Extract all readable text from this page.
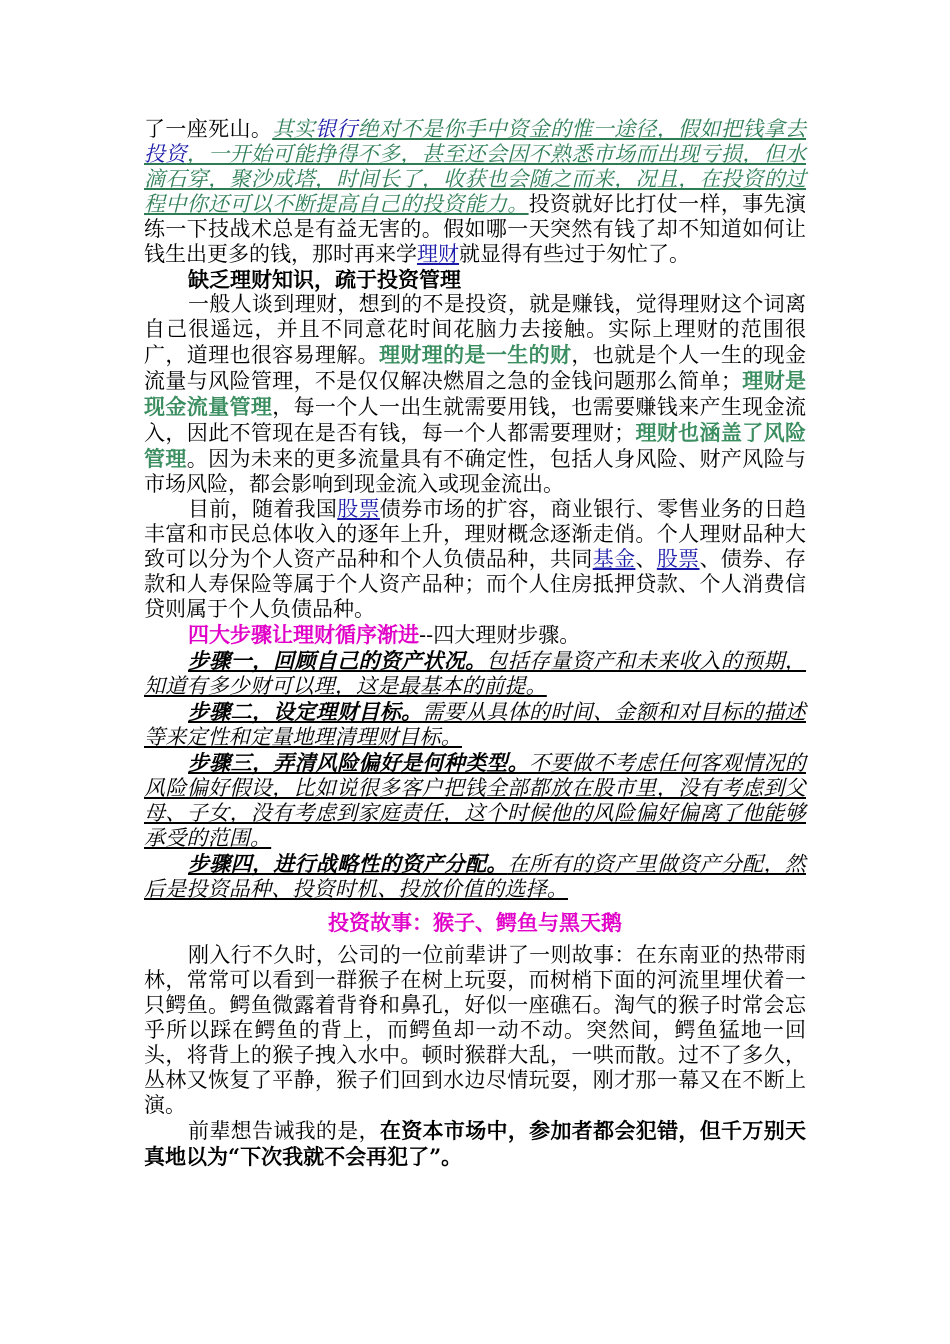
了一座死山。其实银行绝对不是你手中资金的惟一途径，假如把钱拿去投资，一开始可能挣得不多，甚至还会因不熟悉市场而出现亏损，但水滴石穿，聚沙成塔，时间长了，收获也会随之而来，况且，在投资的过程中你还可以不断提高自己的投资能力。投资就好比打仗一样，事先演练一下技战术总是有益无害的。假如哪一天突然有钱了却不知道如何让钱生出更多的钱，那时再来学理财就显得有些过于匆忙了。

缺乏理财知识，疏于投资管理

一般人谈到理财，想到的不是投资，就是赚钱，觉得理财这个词离自己很遥远，并且不同意花时间花脑力去接触。实际上理财的范围很广，道理也很容易理解。理财理的是一生的财，也就是个人一生的现金流量与风险管理，不是仅仅解决燃眉之急的金钱问题那么简单；理财是现金流量管理，每一个人一出生就需要用钱，也需要赚钱来产生现金流入，因此不管现在是否有钱，每一个人都需要理财；理财也涵盖了风险管理。因为未来的更多流量具有不确定性，包括人身风险、财产风险与市场风险，都会影响到现金流入或现金流出。

目前，随着我国股票债券市场的扩容，商业银行、零售业务的日趋丰富和市民总体收入的逐年上升，理财概念逐渐走俏。个人理财品种大致可以分为个人资产品种和个人负债品种，共同基金、股票、债券、存款和人寿保险等属于个人资产品种；而个人住房抵押贷款、个人消费信贷则属于个人负债品种。

四大步骤让理财循序渐进--四大理财步骤。

步骤一，回顾自己的资产状况。包括存量资产和未来收入的预期，知道有多少财可以理，这是最基本的前提。

步骤二，设定理财目标。需要从具体的时间、金额和对目标的描述等来定性和定量地理清理财目标。

步骤三，弄清风险偏好是何种类型。不要做不考虑任何客观情况的风险偏好假设，比如说很多客户把钱全部都放在股市里，没有考虑到父母、子女，没有考虑到家庭责任，这个时候他的风险偏好偏离了他能够承受的范围。

步骤四，进行战略性的资产分配。在所有的资产里做资产分配，然后是投资品种、投资时机、投放价值的选择。

投资故事：猴子、鳄鱼与黑天鹅

刚入行不久时，公司的一位前辈讲了一则故事：在东南亚的热带雨林，常常可以看到一群猴子在树上玩耍，而树梢下面的河流里埋伏着一只鳄鱼。鳄鱼微露着背脊和鼻孔，好似一座礁石。淘气的猴子时常会忘乎所以踩在鳄鱼的背上，而鳄鱼却一动不动。突然间，鳄鱼猛地一回头，将背上的猴子拽入水中。顿时猴群大乱，一哄而散。过不了多久，丛林又恢复了平静，猴子们回到水边尽情玩耍，刚才那一幕又在不断上演。

前辈想告诫我的是，在资本市场中，参加者都会犯错，但千万别天真地以为“下次我就不会再犯了”。
